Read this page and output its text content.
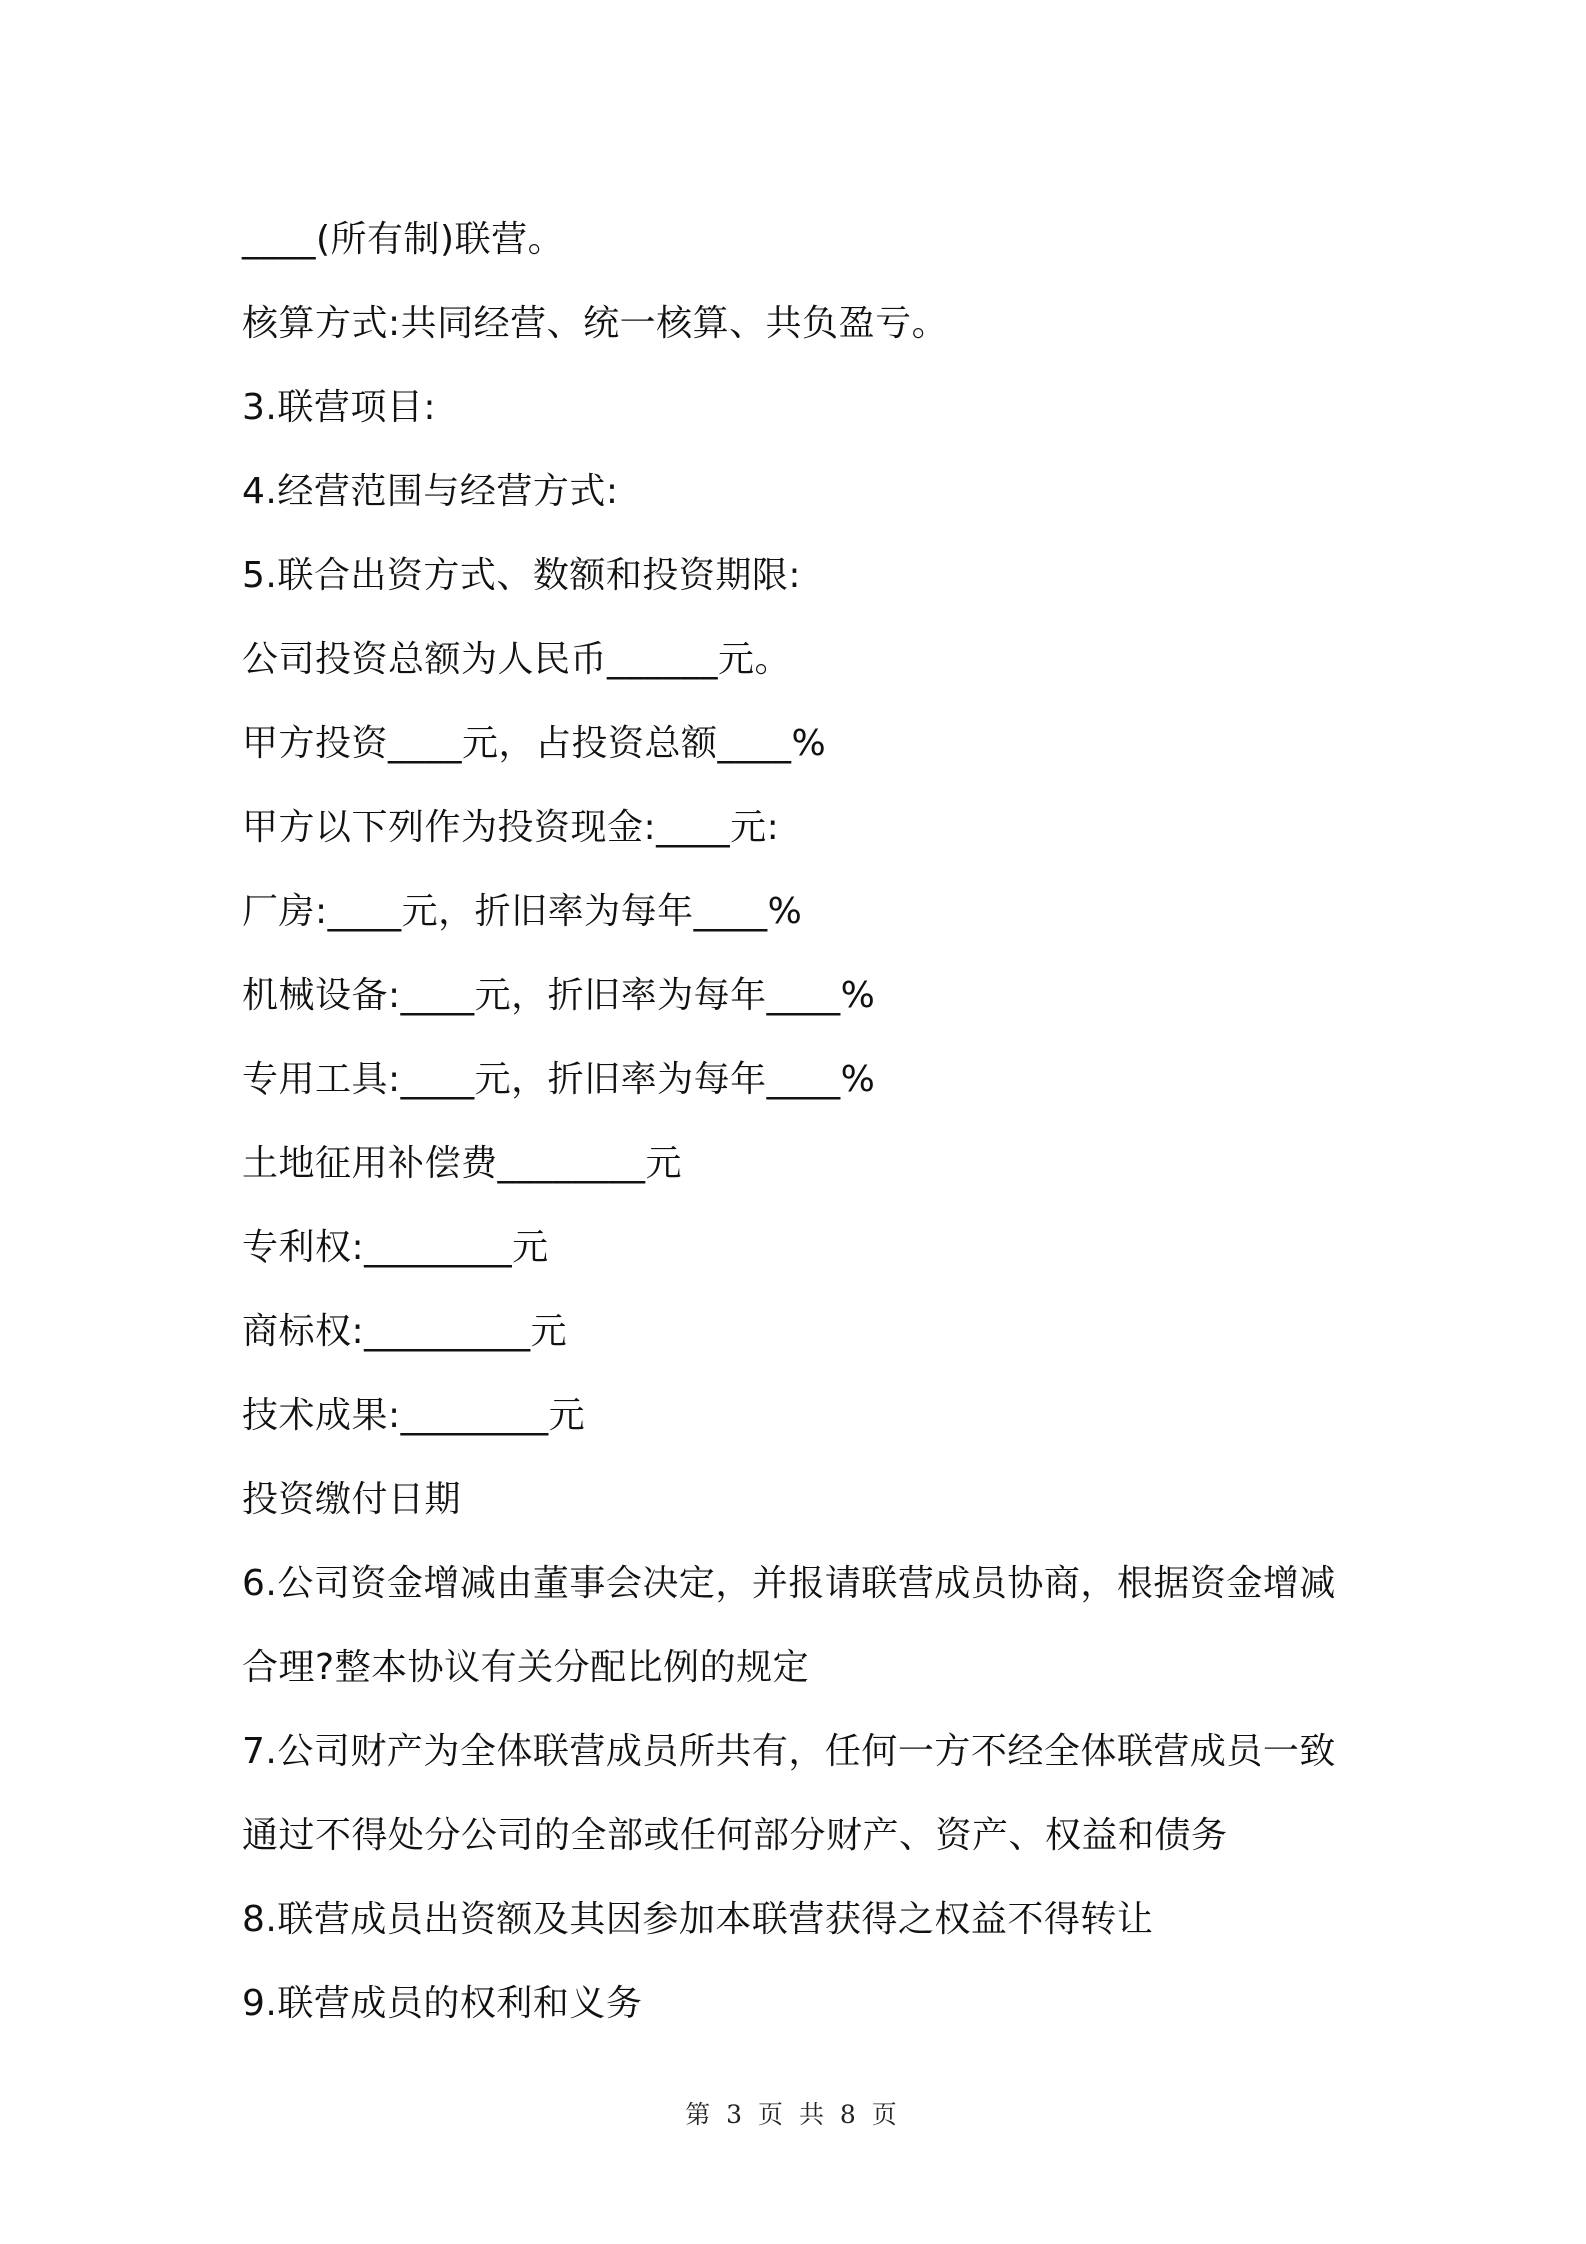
____(所有制)联营。
核算方式:共同经营、统一核算、共负盈亏。
3.联营项目:
4.经营范围与经营方式:
5.联合出资方式、数额和投资期限:
公司投资总额为人民币______元。
甲方投资____元，占投资总额____%
甲方以下列作为投资现金:____元:
厂房:____元，折旧率为每年____%
机械设备:____元，折旧率为每年____%
专用工具:____元，折旧率为每年____%
土地征用补偿费________元
专利权:________元
商标权:_________元
技术成果:________元
投资缴付日期
6.公司资金增减由董事会决定，并报请联营成员协商，根据资金增减
合理?整本协议有关分配比例的规定
7.公司财产为全体联营成员所共有，任何一方不经全体联营成员一致
通过不得处分公司的全部或任何部分财产、资产、权益和债务
8.联营成员出资额及其因参加本联营获得之权益不得转让
9.联营成员的权利和义务
第 3 页 共 8 页
